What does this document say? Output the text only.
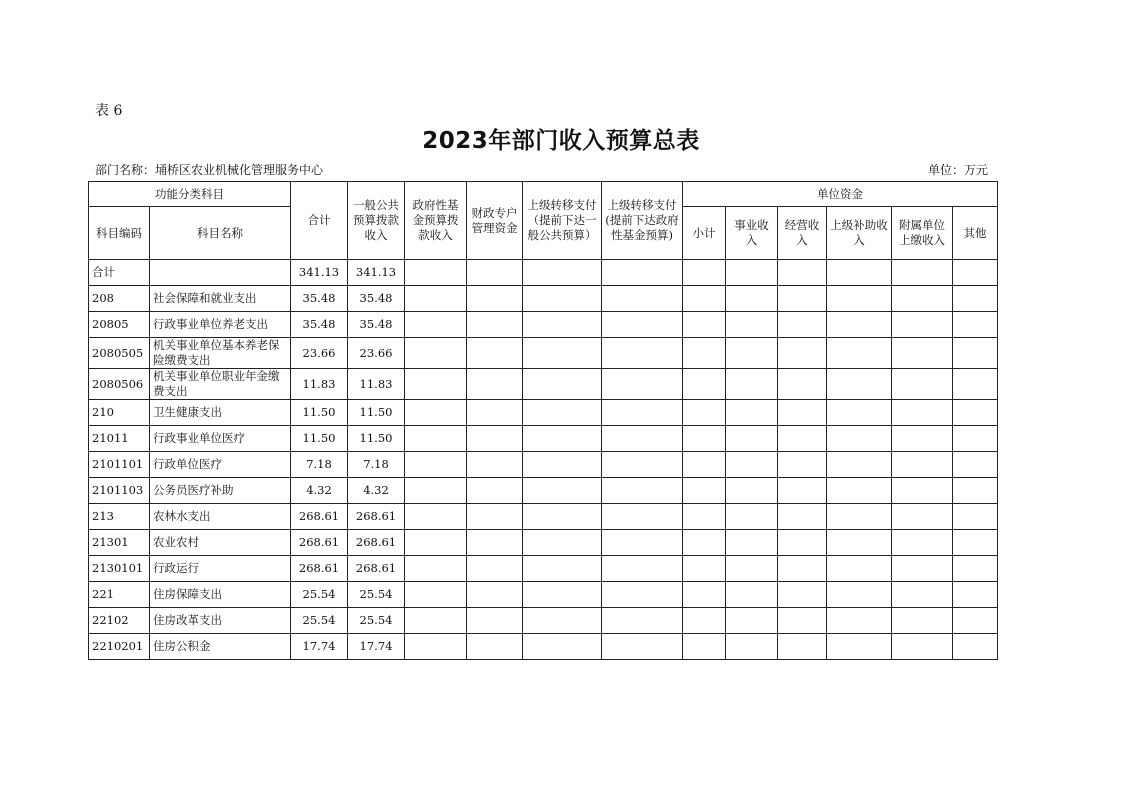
表 6
2023年部门收入预算总表
部门名称：埇桥区农业机械化管理服务中心	单位：万元
功能分类科目		合计	一般公共预算拨款收入	政府性基金预算拨款收入	财政专户管理资金	上级转移支付（提前下达一般公共预算）	上级转移支付(提前下达政府性基金预算)	单位资金					
科目编码	科目名称							小计	事业收入	经营收入	上级补助收入	附属单位上缴收入	其他
合计		341.13	341.13										
208	社会保障和就业支出	35.48	35.48										
20805	行政事业单位养老支出	35.48	35.48										
2080505	机关事业单位基本养老保险缴费支出	23.66	23.66										
2080506	机关事业单位职业年金缴费支出	11.83	11.83										
210	卫生健康支出	11.50	11.50										
21011	行政事业单位医疗	11.50	11.50										
2101101	行政单位医疗	7.18	7.18										
2101103	公务员医疗补助	4.32	4.32										
213	农林水支出	268.61	268.61										
21301	农业农村	268.61	268.61										
2130101	行政运行	268.61	268.61										
221	住房保障支出	25.54	25.54										
22102	住房改革支出	25.54	25.54										
2210201	住房公积金	17.74	17.74										
